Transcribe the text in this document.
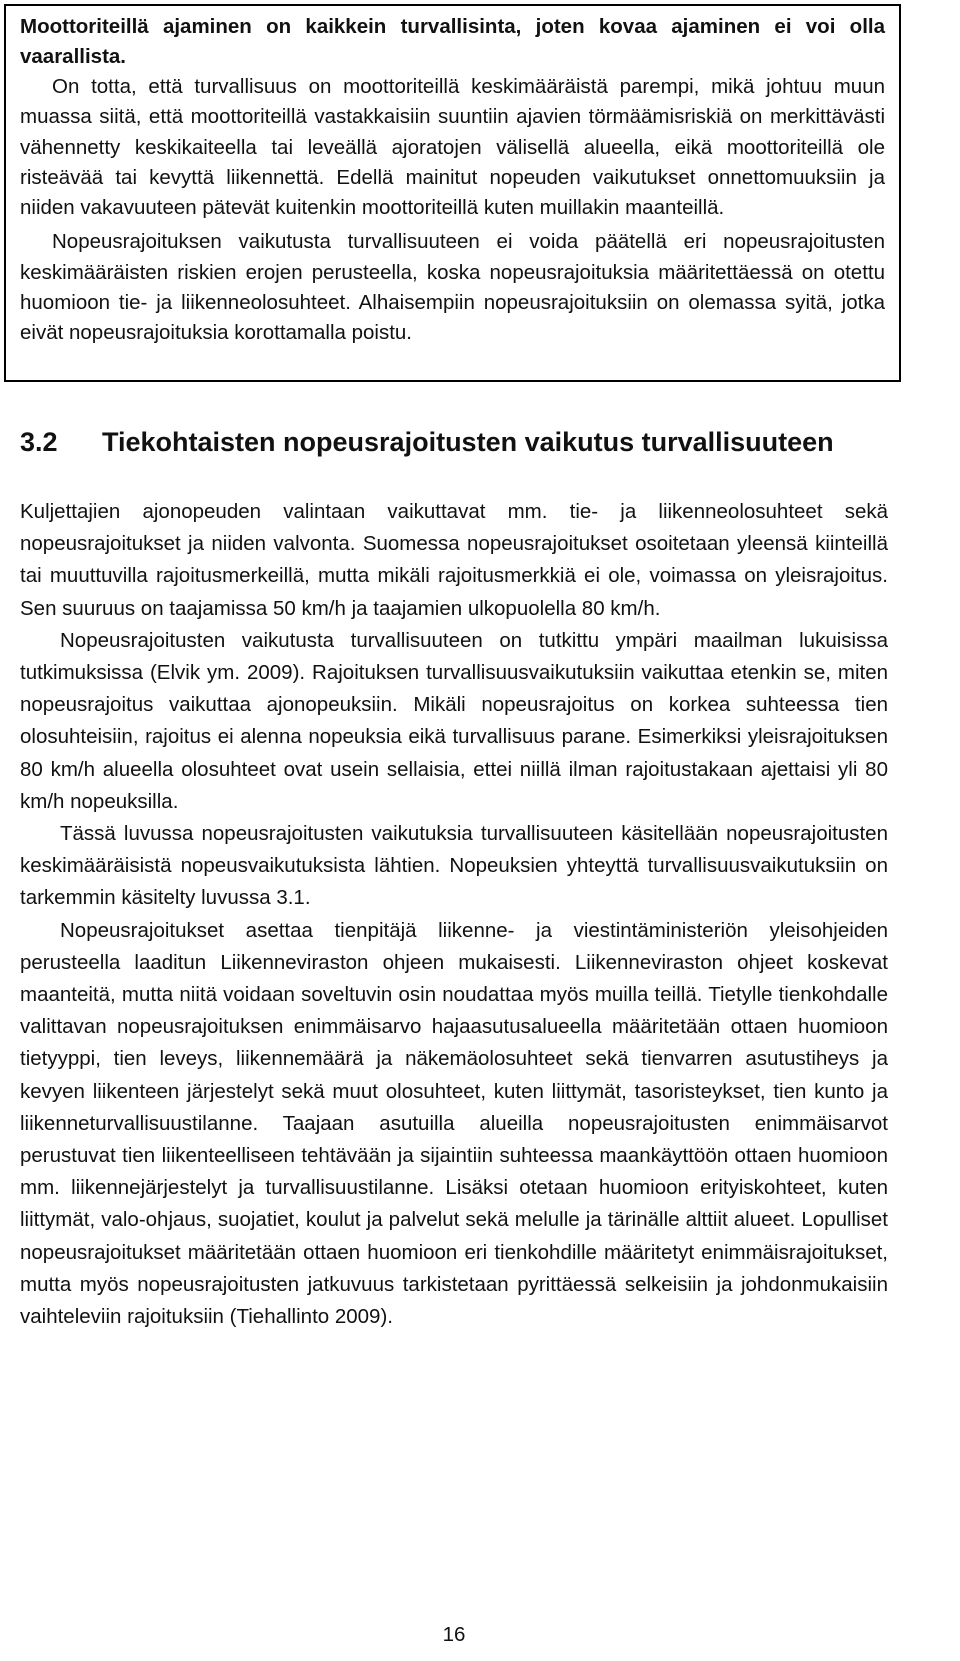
Moottoriteillä ajaminen on kaikkein turvallisinta, joten kovaa ajaminen ei voi olla vaarallista.

On totta, että turvallisuus on moottoriteillä keskimääräistä parempi, mikä johtuu muun muassa siitä, että moottoriteillä vastakkaisiin suuntiin ajavien törmäämisriskiä on merkittävästi vähennetty keskikaiteella tai leveällä ajoratojen välisellä alueella, eikä moottoriteillä ole risteävää tai kevyttä liikennettä. Edellä mainitut nopeuden vaikutukset onnettomuuksiin ja niiden vakavuuteen pätevät kuitenkin moottoriteillä kuten muillakin maanteillä.

Nopeusrajoituksen vaikutusta turvallisuuteen ei voida päätellä eri nopeusrajoitusten keskimääräisten riskien erojen perusteella, koska nopeusrajoituksia määritettäessä on otettu huomioon tie- ja liikenneolosuhteet. Alhaisempiin nopeusrajoituksiin on olemassa syitä, jotka eivät nopeusrajoituksia korottamalla poistu.

3.2 Tiekohtaisten nopeusrajoitusten vaikutus turvallisuuteen

Kuljettajien ajonopeuden valintaan vaikuttavat mm. tie- ja liikenneolosuhteet sekä nopeusrajoitukset ja niiden valvonta. Suomessa nopeusrajoitukset osoitetaan yleensä kiinteillä tai muuttuvilla rajoitusmerkeillä, mutta mikäli rajoitusmerkkiä ei ole, voimassa on yleisrajoitus. Sen suuruus on taajamissa 50 km/h ja taajamien ulkopuolella 80 km/h.

Nopeusrajoitusten vaikutusta turvallisuuteen on tutkittu ympäri maailman lukuisissa tutkimuksissa (Elvik ym. 2009). Rajoituksen turvallisuusvaikutuksiin vaikuttaa etenkin se, miten nopeusrajoitus vaikuttaa ajonopeuksiin. Mikäli nopeusrajoitus on korkea suhteessa tien olosuhteisiin, rajoitus ei alenna nopeuksia eikä turvallisuus parane. Esimerkiksi yleisrajoituksen 80 km/h alueella olosuhteet ovat usein sellaisia, ettei niillä ilman rajoitustakaan ajettaisi yli 80 km/h nopeuksilla.

Tässä luvussa nopeusrajoitusten vaikutuksia turvallisuuteen käsitellään nopeusrajoitusten keskimääräisistä nopeusvaikutuksista lähtien. Nopeuksien yhteyttä turvallisuusvaikutuksiin on tarkemmin käsitelty luvussa 3.1.

Nopeusrajoitukset asettaa tienpitäjä liikenne- ja viestintäministeriön yleisohjeiden perusteella laaditun Liikenneviraston ohjeen mukaisesti. Liikenneviraston ohjeet koskevat maanteitä, mutta niitä voidaan soveltuvin osin noudattaa myös muilla teillä. Tietylle tienkohdalle valittavan nopeusrajoituksen enimmäisarvo hajaasutusalueella määritetään ottaen huomioon tietyyppi, tien leveys, liikennemäärä ja näkemäolosuhteet sekä tienvarren asutustiheys ja kevyen liikenteen järjestelyt sekä muut olosuhteet, kuten liittymät, tasoristeykset, tien kunto ja liikenneturvallisuustilanne. Taajaan asutuilla alueilla nopeusrajoitusten enimmäisarvot perustuvat tien liikenteelliseen tehtävään ja sijaintiin suhteessa maankäyttöön ottaen huomioon mm. liikennejärjestelyt ja turvallisuustilanne. Lisäksi otetaan huomioon erityiskohteet, kuten liittymät, valo-ohjaus, suojatiet, koulut ja palvelut sekä melulle ja tärinälle alttiit alueet. Lopulliset nopeusrajoitukset määritetään ottaen huomioon eri tienkohdille määritetyt enimmäisrajoitukset, mutta myös nopeusrajoitusten jatkuvuus tarkistetaan pyrittäessä selkeisiin ja johdonmukaisiin vaihteleviin rajoituksiin (Tiehallinto 2009).

16
